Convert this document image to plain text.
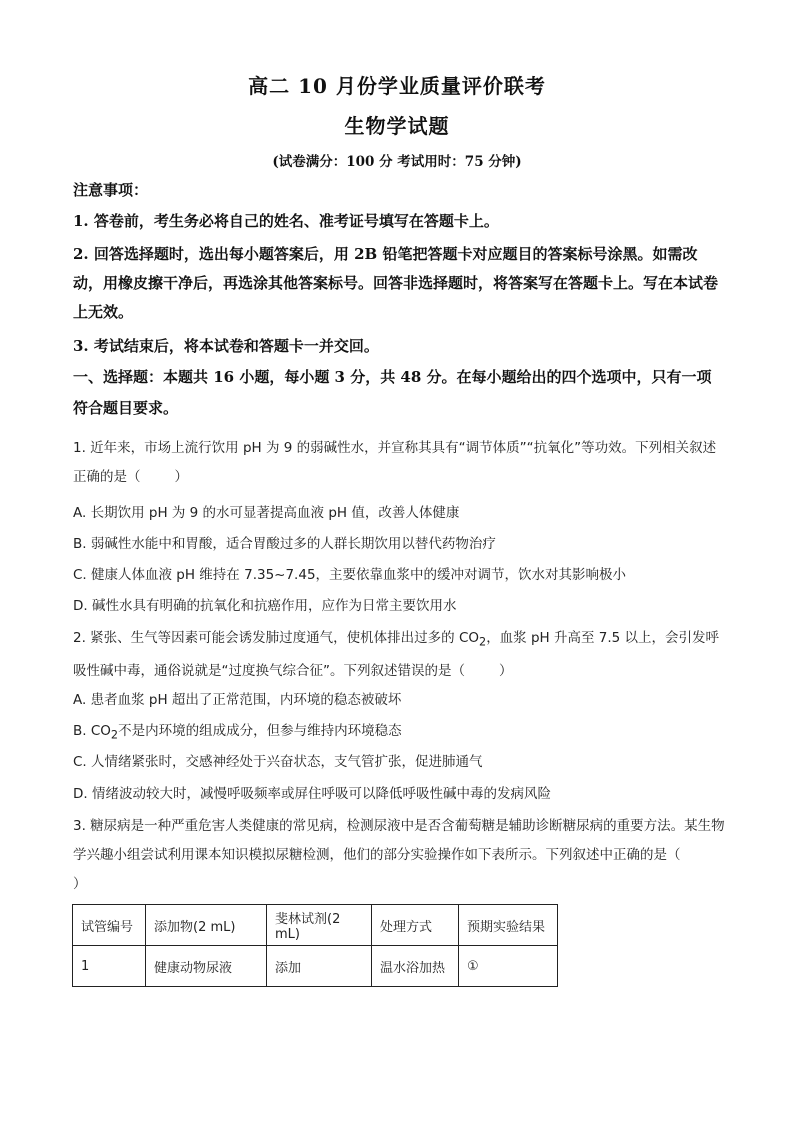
高二 10 月份学业质量评价联考
生物学试题
(试卷满分：100 分 考试用时：75 分钟)
注意事项：
1. 答卷前，考生务必将自己的姓名、准考证号填写在答题卡上。
2. 回答选择题时，选出每小题答案后，用 2B 铅笔把答题卡对应题目的答案标号涂黑。如需改动，用橡皮擦干净后，再选涂其他答案标号。回答非选择题时，将答案写在答题卡上。写在本试卷上无效。
3. 考试结束后，将本试卷和答题卡一并交回。
一、选择题：本题共 16 小题，每小题 3 分，共 48 分。在每小题给出的四个选项中，只有一项符合题目要求。
1. 近年来，市场上流行饮用 pH 为 9 的弱碱性水，并宣称其具有“调节体质”“抗氧化”等功效。下列相关叙述正确的是（	）
A. 长期饮用 pH 为 9 的水可显著提高血液 pH 值，改善人体健康
B. 弱碱性水能中和胃酸，适合胃酸过多的人群长期饮用以替代药物治疗
C. 健康人体血液 pH 维持在 7.35~7.45，主要依靠血浆中的缓冲对调节，饮水对其影响极小
D. 碱性水具有明确的抗氧化和抗癌作用，应作为日常主要饮用水
2. 紧张、生气等因素可能会诱发肺过度通气，使机体排出过多的 $CO_2$，血浆 pH 升高至 7.5 以上，会引发呼吸性碱中毒，通俗说就是“过度换气综合征”。下列叙述错误的是（	）
A. 患者血浆 pH 超出了正常范围，内环境的稳态被破坏
B. $CO_2$不是内环境的组成成分，但参与维持内环境稳态
C. 人情绪紧张时，交感神经处于兴奋状态，支气管扩张，促进肺通气
D. 情绪波动较大时，减慢呼吸频率或屏住呼吸可以降低呼吸性碱中毒的发病风险
3. 糖尿病是一种严重危害人类健康的常见病，检测尿液中是否含葡萄糖是辅助诊断糖尿病的重要方法。某生物学兴趣小组尝试利用课本知识模拟尿糖检测，他们的部分实验操作如下表所示。下列叙述中正确的是（）
试管编号	添加物(2 mL)	斐林试剂(2 mL)	处理方式	预期实验结果
1	健康动物尿液	添加	温水浴加热	①
